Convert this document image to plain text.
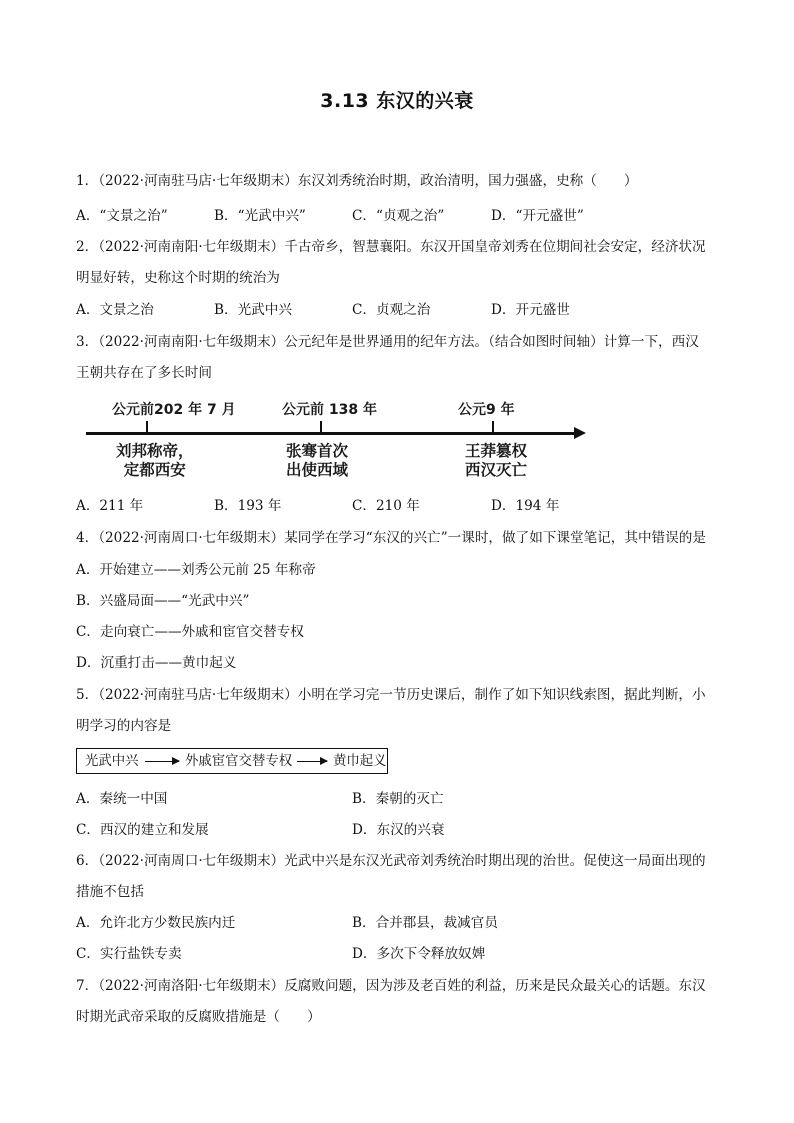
3.13 东汉的兴衰
1．（2022·河南驻马店·七年级期末）东汉刘秀统治时期，政治清明，国力强盛，史称（　　）
A．“文景之治”	B．“光武中兴”	C．“贞观之治”	D．“开元盛世”
2．（2022·河南南阳·七年级期末）千古帝乡，智慧襄阳。东汉开国皇帝刘秀在位期间社会安定，经济状况
明显好转，史称这个时期的统治为
A．文景之治	B．光武中兴	C．贞观之治	D．开元盛世
3．（2022·河南南阳·七年级期末）公元纪年是世界通用的纪年方法。（结合如图时间轴）计算一下，西汉
王朝共存在了多长时间
公元前202 年 7 月	公元前 138 年	公元9 年
刘邦称帝，
定都西安
张骞首次
出使西域
王莽篡权
西汉灭亡
A．211 年	B．193 年	C．210 年	D．194 年
4．（2022·河南周口·七年级期末）某同学在学习“东汉的兴亡”一课时，做了如下课堂笔记，其中错误的是
A．开始建立——刘秀公元前 25 年称帝
B．兴盛局面——“光武中兴”
C．走向衰亡——外戚和宦官交替专权
D．沉重打击——黄巾起义
5．（2022·河南驻马店·七年级期末）小明在学习完一节历史课后，制作了如下知识线索图，据此判断，小
明学习的内容是
光武中兴	外戚宦官交替专权	黄巾起义
A．秦统一中国	B．秦朝的灭亡
C．西汉的建立和发展	D．东汉的兴衰
6．（2022·河南周口·七年级期末）光武中兴是东汉光武帝刘秀统治时期出现的治世。促使这一局面出现的
措施不包括
A．允许北方少数民族内迁	B．合并郡县，裁减官员
C．实行盐铁专卖	D．多次下令释放奴婢
7．（2022·河南洛阳·七年级期末）反腐败问题，因为涉及老百姓的利益，历来是民众最关心的话题。东汉
时期光武帝采取的反腐败措施是（　　）
